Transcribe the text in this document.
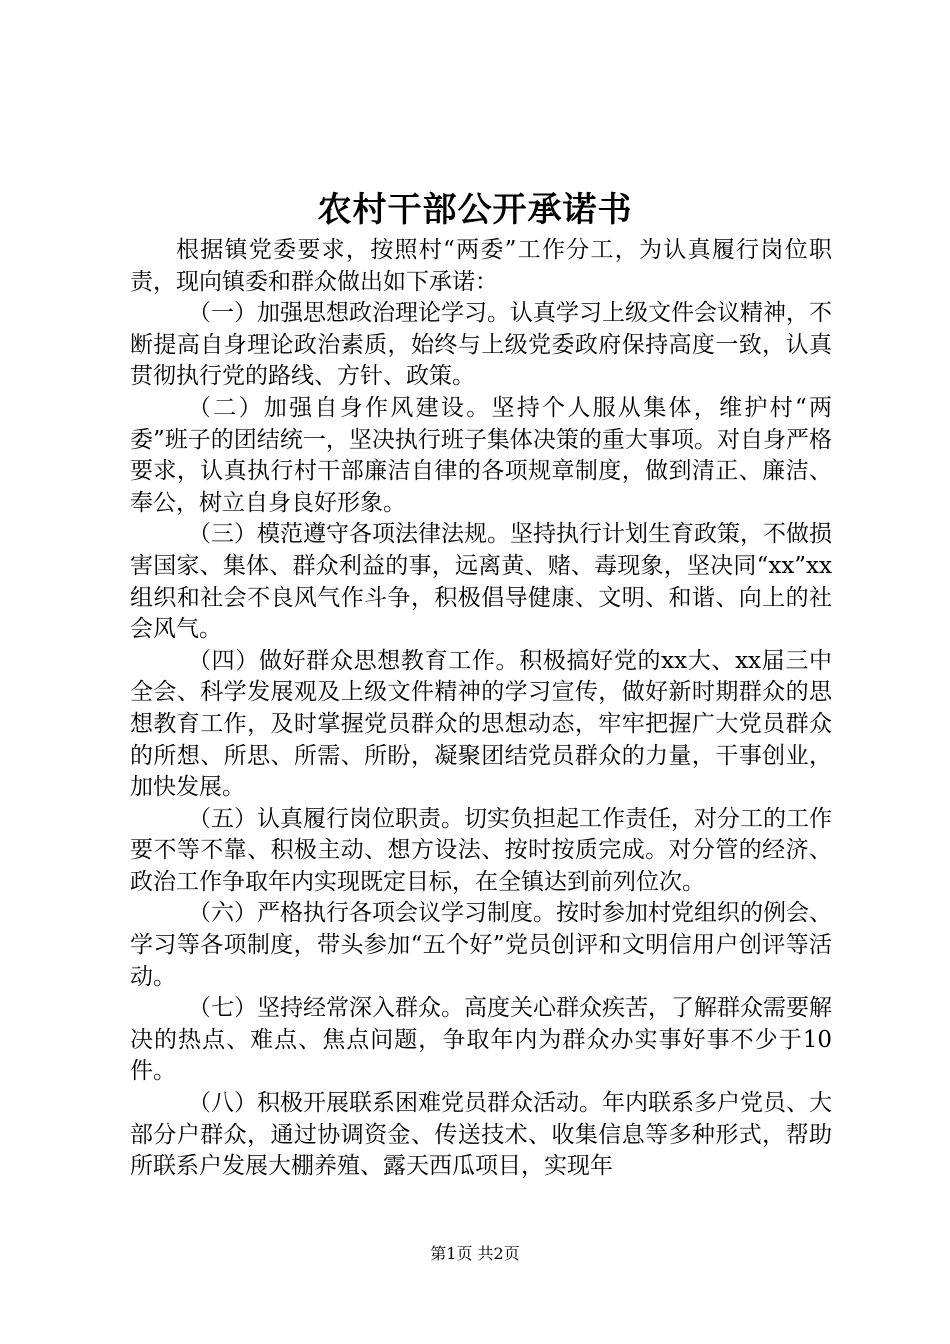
农村干部公开承诺书

根据镇党委要求，按照村“两委”工作分工，为认真履行岗位职责，现向镇委和群众做出如下承诺：

（一）加强思想政治理论学习。认真学习上级文件会议精神，不断提高自身理论政治素质，始终与上级党委政府保持高度一致，认真贯彻执行党的路线、方针、政策。

（二）加强自身作风建设。坚持个人服从集体，维护村“两委”班子的团结统一，坚决执行班子集体决策的重大事项。对自身严格要求，认真执行村干部廉洁自律的各项规章制度，做到清正、廉洁、奉公，树立自身良好形象。

（三）模范遵守各项法律法规。坚持执行计划生育政策，不做损害国家、集体、群众利益的事，远离黄、赌、毒现象，坚决同“xx”xx组织和社会不良风气作斗争，积极倡导健康、文明、和谐、向上的社会风气。

（四）做好群众思想教育工作。积极搞好党的xx大、xx届三中全会、科学发展观及上级文件精神的学习宣传，做好新时期群众的思想教育工作，及时掌握党员群众的思想动态，牢牢把握广大党员群众的所想、所思、所需、所盼，凝聚团结党员群众的力量，干事创业，加快发展。

（五）认真履行岗位职责。切实负担起工作责任，对分工的工作要不等不靠、积极主动、想方设法、按时按质完成。对分管的经济、政治工作争取年内实现既定目标，在全镇达到前列位次。

（六）严格执行各项会议学习制度。按时参加村党组织的例会、学习等各项制度，带头参加“五个好”党员创评和文明信用户创评等活动。

（七）坚持经常深入群众。高度关心群众疾苦，了解群众需要解决的热点、难点、焦点问题，争取年内为群众办实事好事不少于10件。

（八）积极开展联系困难党员群众活动。年内联系多户党员、大部分户群众，通过协调资金、传送技术、收集信息等多种形式，帮助所联系户发展大棚养殖、露天西瓜项目，实现年

第1页 共2页
